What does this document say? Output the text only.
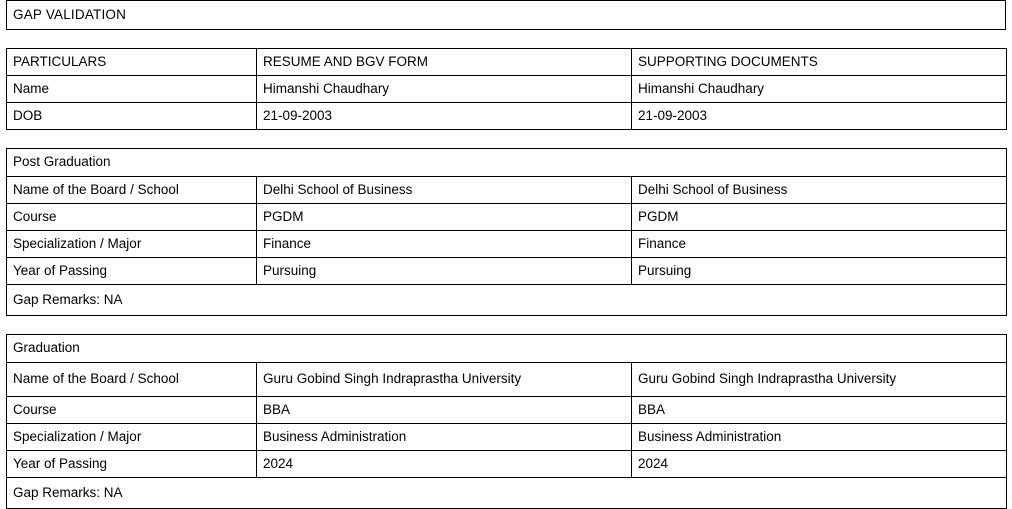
GAP VALIDATION
PARTICULARS	RESUME AND BGV FORM	SUPPORTING DOCUMENTS
Name	Himanshi Chaudhary	Himanshi Chaudhary
DOB	21-09-2003	21-09-2003
Post Graduation		
Name of the Board / School	Delhi School of Business	Delhi School of Business
Course	PGDM	PGDM
Specialization / Major	Finance	Finance
Year of Passing	Pursuing	Pursuing
Gap Remarks: NA		
Graduation		
Name of the Board / School	Guru Gobind Singh Indraprastha University	Guru Gobind Singh Indraprastha University
Course	BBA	BBA
Specialization / Major	Business Administration	Business Administration
Year of Passing	2024	2024
Gap Remarks: NA		
